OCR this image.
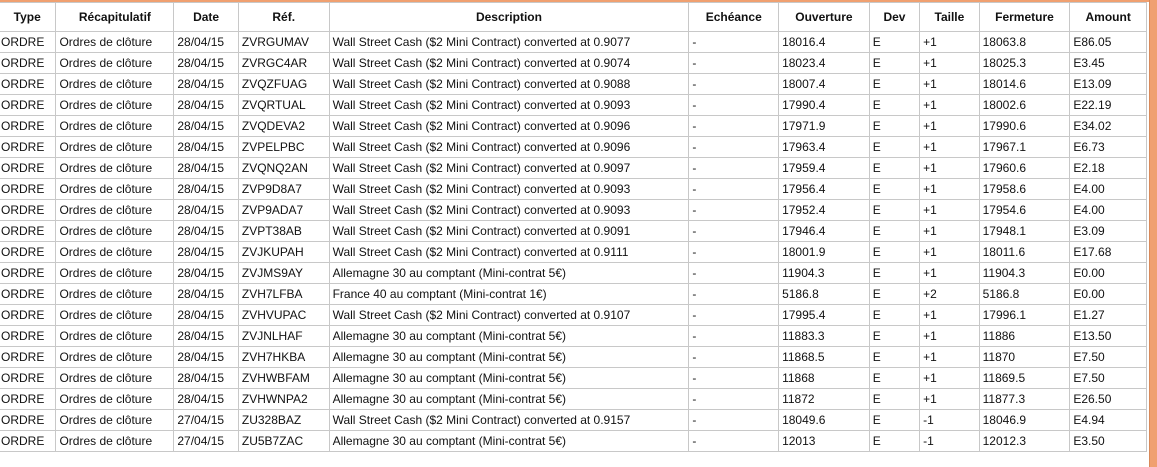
Type	Récapitulatif	Date	Réf.	Description	Echéance	Ouverture	Dev	Taille	Fermeture	Amount
ORDRE	Ordres de clôture	28/04/15	ZVRGUMAV	Wall Street Cash ($2 Mini Contract) converted at 0.9077	-	18016.4	E	+1	18063.8	E86.05
ORDRE	Ordres de clôture	28/04/15	ZVRGC4AR	Wall Street Cash ($2 Mini Contract) converted at 0.9074	-	18023.4	E	+1	18025.3	E3.45
ORDRE	Ordres de clôture	28/04/15	ZVQZFUAG	Wall Street Cash ($2 Mini Contract) converted at 0.9088	-	18007.4	E	+1	18014.6	E13.09
ORDRE	Ordres de clôture	28/04/15	ZVQRTUAL	Wall Street Cash ($2 Mini Contract) converted at 0.9093	-	17990.4	E	+1	18002.6	E22.19
ORDRE	Ordres de clôture	28/04/15	ZVQDEVA2	Wall Street Cash ($2 Mini Contract) converted at 0.9096	-	17971.9	E	+1	17990.6	E34.02
ORDRE	Ordres de clôture	28/04/15	ZVPELPBC	Wall Street Cash ($2 Mini Contract) converted at 0.9096	-	17963.4	E	+1	17967.1	E6.73
ORDRE	Ordres de clôture	28/04/15	ZVQNQ2AN	Wall Street Cash ($2 Mini Contract) converted at 0.9097	-	17959.4	E	+1	17960.6	E2.18
ORDRE	Ordres de clôture	28/04/15	ZVP9D8A7	Wall Street Cash ($2 Mini Contract) converted at 0.9093	-	17956.4	E	+1	17958.6	E4.00
ORDRE	Ordres de clôture	28/04/15	ZVP9ADA7	Wall Street Cash ($2 Mini Contract) converted at 0.9093	-	17952.4	E	+1	17954.6	E4.00
ORDRE	Ordres de clôture	28/04/15	ZVPT38AB	Wall Street Cash ($2 Mini Contract) converted at 0.9091	-	17946.4	E	+1	17948.1	E3.09
ORDRE	Ordres de clôture	28/04/15	ZVJKUPAH	Wall Street Cash ($2 Mini Contract) converted at 0.9111	-	18001.9	E	+1	18011.6	E17.68
ORDRE	Ordres de clôture	28/04/15	ZVJMS9AY	Allemagne 30 au comptant (Mini-contrat 5€)	-	11904.3	E	+1	11904.3	E0.00
ORDRE	Ordres de clôture	28/04/15	ZVH7LFBA	France 40 au comptant (Mini-contrat 1€)	-	5186.8	E	+2	5186.8	E0.00
ORDRE	Ordres de clôture	28/04/15	ZVHVUPAC	Wall Street Cash ($2 Mini Contract) converted at 0.9107	-	17995.4	E	+1	17996.1	E1.27
ORDRE	Ordres de clôture	28/04/15	ZVJNLHAF	Allemagne 30 au comptant (Mini-contrat 5€)	-	11883.3	E	+1	11886	E13.50
ORDRE	Ordres de clôture	28/04/15	ZVH7HKBA	Allemagne 30 au comptant (Mini-contrat 5€)	-	11868.5	E	+1	11870	E7.50
ORDRE	Ordres de clôture	28/04/15	ZVHWBFAM	Allemagne 30 au comptant (Mini-contrat 5€)	-	11868	E	+1	11869.5	E7.50
ORDRE	Ordres de clôture	28/04/15	ZVHWNPA2	Allemagne 30 au comptant (Mini-contrat 5€)	-	11872	E	+1	11877.3	E26.50
ORDRE	Ordres de clôture	27/04/15	ZU328BAZ	Wall Street Cash ($2 Mini Contract) converted at 0.9157	-	18049.6	E	-1	18046.9	E4.94
ORDRE	Ordres de clôture	27/04/15	ZU5B7ZAC	Allemagne 30 au comptant (Mini-contrat 5€)	-	12013	E	-1	12012.3	E3.50
